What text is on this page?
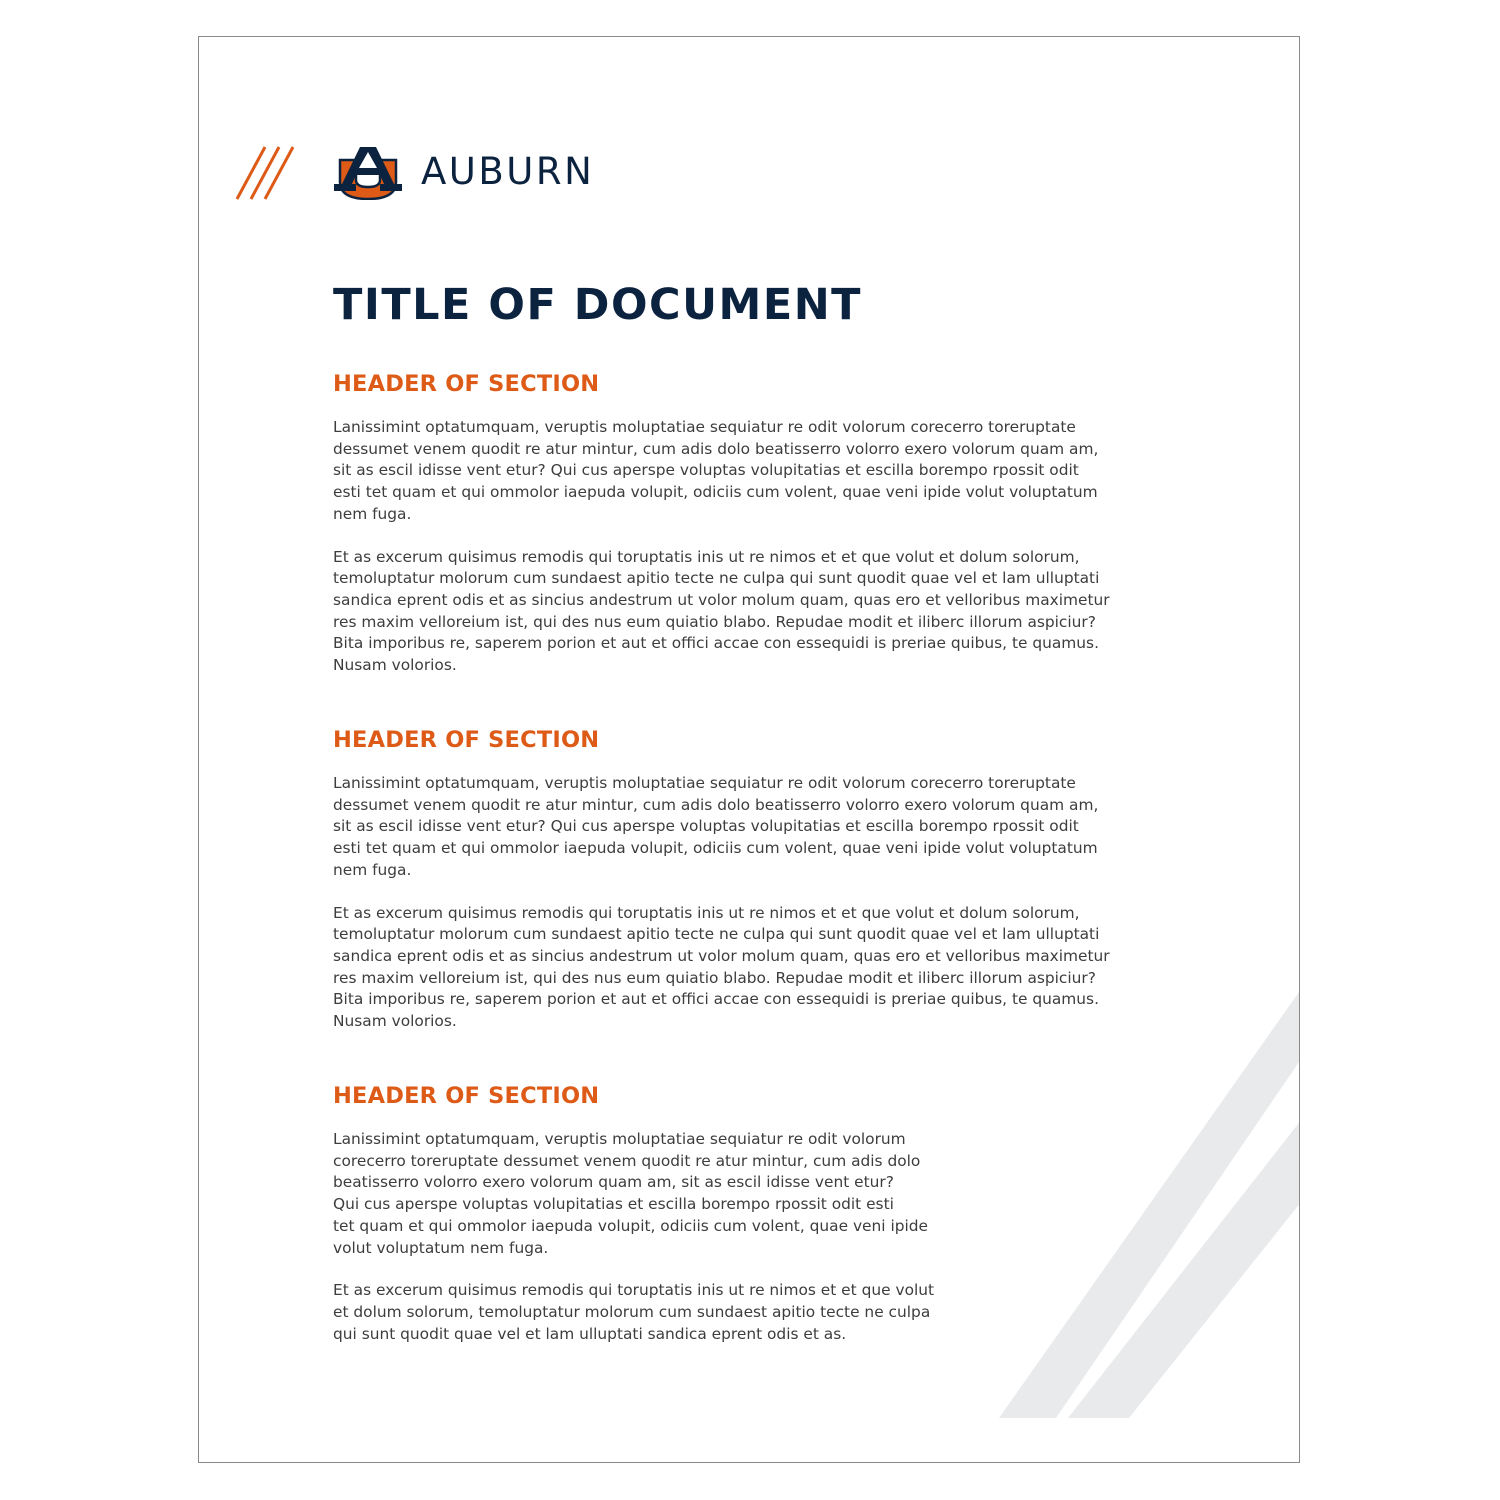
AUBURN
TITLE OF DOCUMENT
HEADER OF SECTION

Lanissimint optatumquam, veruptis moluptatiae sequiatur re odit volorum corecerro toreruptate
dessumet venem quodit re atur mintur, cum adis dolo beatisserro volorro exero volorum quam am,
sit as escil idisse vent etur? Qui cus aperspe voluptas volupitatias et escilla borempo rpossit odit
esti tet quam et qui ommolor iaepuda volupit, odiciis cum volent, quae veni ipide volut voluptatum
nem fuga.

Et as excerum quisimus remodis qui toruptatis inis ut re nimos et et que volut et dolum solorum,
temoluptatur molorum cum sundaest apitio tecte ne culpa qui sunt quodit quae vel et lam ulluptati
sandica eprent odis et as sincius andestrum ut volor molum quam, quas ero et velloribus maximetur
res maxim velloreium ist, qui des nus eum quiatio blabo. Repudae modit et iliberc illorum aspiciur?
Bita imporibus re, saperem porion et aut et offici accae con essequidi is preriae quibus, te quamus.
Nusam volorios.

HEADER OF SECTION

Lanissimint optatumquam, veruptis moluptatiae sequiatur re odit volorum corecerro toreruptate
dessumet venem quodit re atur mintur, cum adis dolo beatisserro volorro exero volorum quam am,
sit as escil idisse vent etur? Qui cus aperspe voluptas volupitatias et escilla borempo rpossit odit
esti tet quam et qui ommolor iaepuda volupit, odiciis cum volent, quae veni ipide volut voluptatum
nem fuga.

Et as excerum quisimus remodis qui toruptatis inis ut re nimos et et que volut et dolum solorum,
temoluptatur molorum cum sundaest apitio tecte ne culpa qui sunt quodit quae vel et lam ulluptati
sandica eprent odis et as sincius andestrum ut volor molum quam, quas ero et velloribus maximetur
res maxim velloreium ist, qui des nus eum quiatio blabo. Repudae modit et iliberc illorum aspiciur?
Bita imporibus re, saperem porion et aut et offici accae con essequidi is preriae quibus, te quamus.
Nusam volorios.

HEADER OF SECTION

Lanissimint optatumquam, veruptis moluptatiae sequiatur re odit volorum
corecerro toreruptate dessumet venem quodit re atur mintur, cum adis dolo
beatisserro volorro exero volorum quam am, sit as escil idisse vent etur?
Qui cus aperspe voluptas volupitatias et escilla borempo rpossit odit esti
tet quam et qui ommolor iaepuda volupit, odiciis cum volent, quae veni ipide
volut voluptatum nem fuga.

Et as excerum quisimus remodis qui toruptatis inis ut re nimos et et que volut
et dolum solorum, temoluptatur molorum cum sundaest apitio tecte ne culpa
qui sunt quodit quae vel et lam ulluptati sandica eprent odis et as.
